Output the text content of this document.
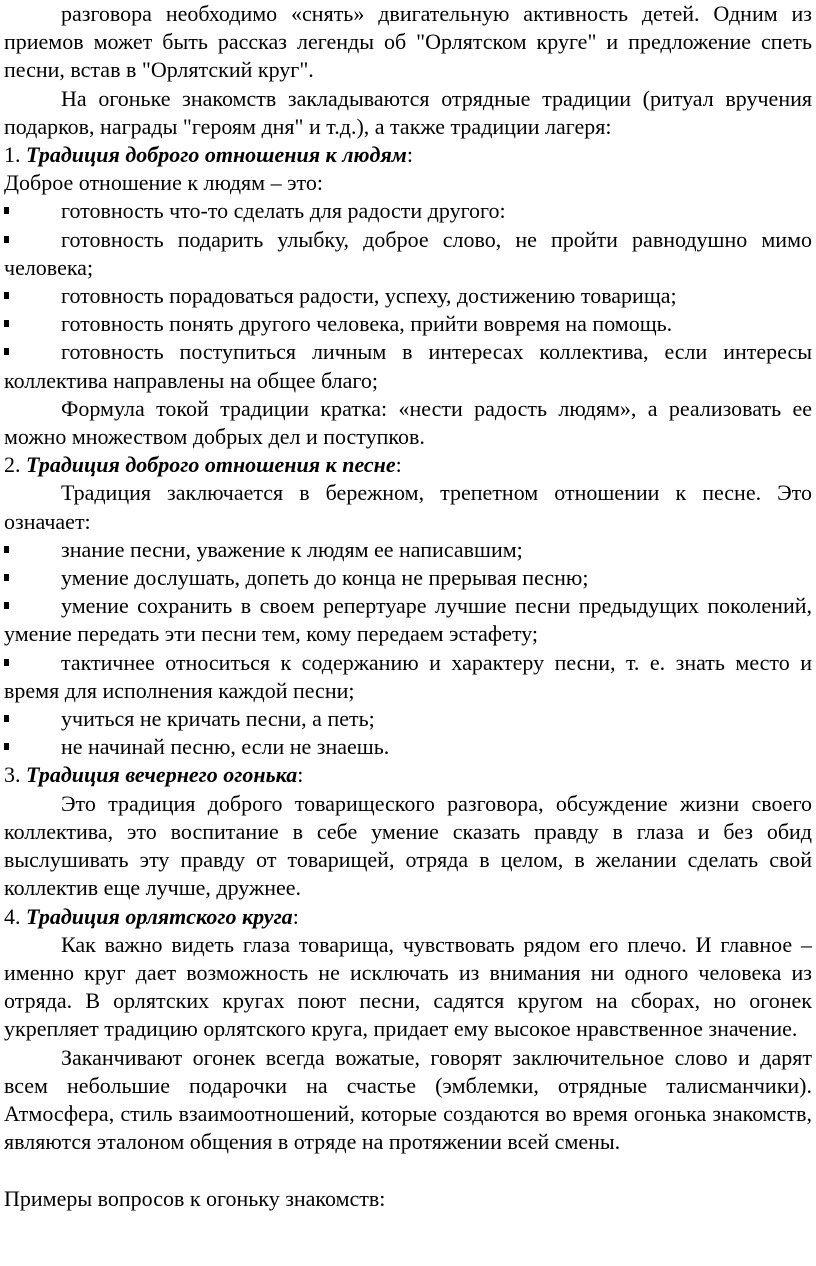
разговора необходимо «снять» двигательную активность детей. Одним из приемов может быть рассказ легенды об "Орлятском круге" и предложение спеть песни, встав в "Орлятский круг".

На огоньке знакомств закладываются отрядные традиции (ритуал вручения подарков, награды "героям дня" и т.д.), а также традиции лагеря:

1. Традиция доброго отношения к людям:

Доброе отношение к людям – это:

готовность что-то сделать для радости другого:

готовность подарить улыбку, доброе слово, не пройти равнодушно мимо человека;

готовность порадоваться радости, успеху, достижению товарища;

готовность понять другого человека, прийти вовремя на помощь.

готовность поступиться личным в интересах коллектива, если интересы коллектива направлены на общее благо;

Формула токой традиции кратка: «нести радость людям», а реализовать ее можно множеством добрых дел и поступков.

2. Традиция доброго отношения к песне:

Традиция заключается в бережном, трепетном отношении к песне. Это означает:

знание песни, уважение к людям ее написавшим;

умение дослушать, допеть до конца не прерывая песню;

умение сохранить в своем репертуаре лучшие песни предыдущих поколений, умение передать эти песни тем, кому передаем эстафету;

тактичнее относиться к содержанию и характеру песни, т. е. знать место и время для исполнения каждой песни;

учиться не кричать песни, а петь;

не начинай песню, если не знаешь.

3. Традиция вечернего огонька:

Это традиция доброго товарищеского разговора, обсуждение жизни своего коллектива, это воспитание в себе умение сказать правду в глаза и без обид выслушивать эту правду от товарищей, отряда в целом, в желании сделать свой коллектив еще лучше, дружнее.

4. Традиция орлятского круга:

Как важно видеть глаза товарища, чувствовать рядом его плечо. И главное – именно круг дает возможность не исключать из внимания ни одного человека из отряда. В орлятских кругах поют песни, садятся кругом на сборах, но огонек укрепляет традицию орлятского круга, придает ему высокое нравственное значение.

Заканчивают огонек всегда вожатые, говорят заключительное слово и дарят всем небольшие подарочки на счастье (эмблемки, отрядные талисманчики). Атмосфера, стиль взаимоотношений, которые создаются во время огонька знакомств, являются эталоном общения в отряде на протяжении всей смены.

Примеры вопросов к огоньку знакомств:
